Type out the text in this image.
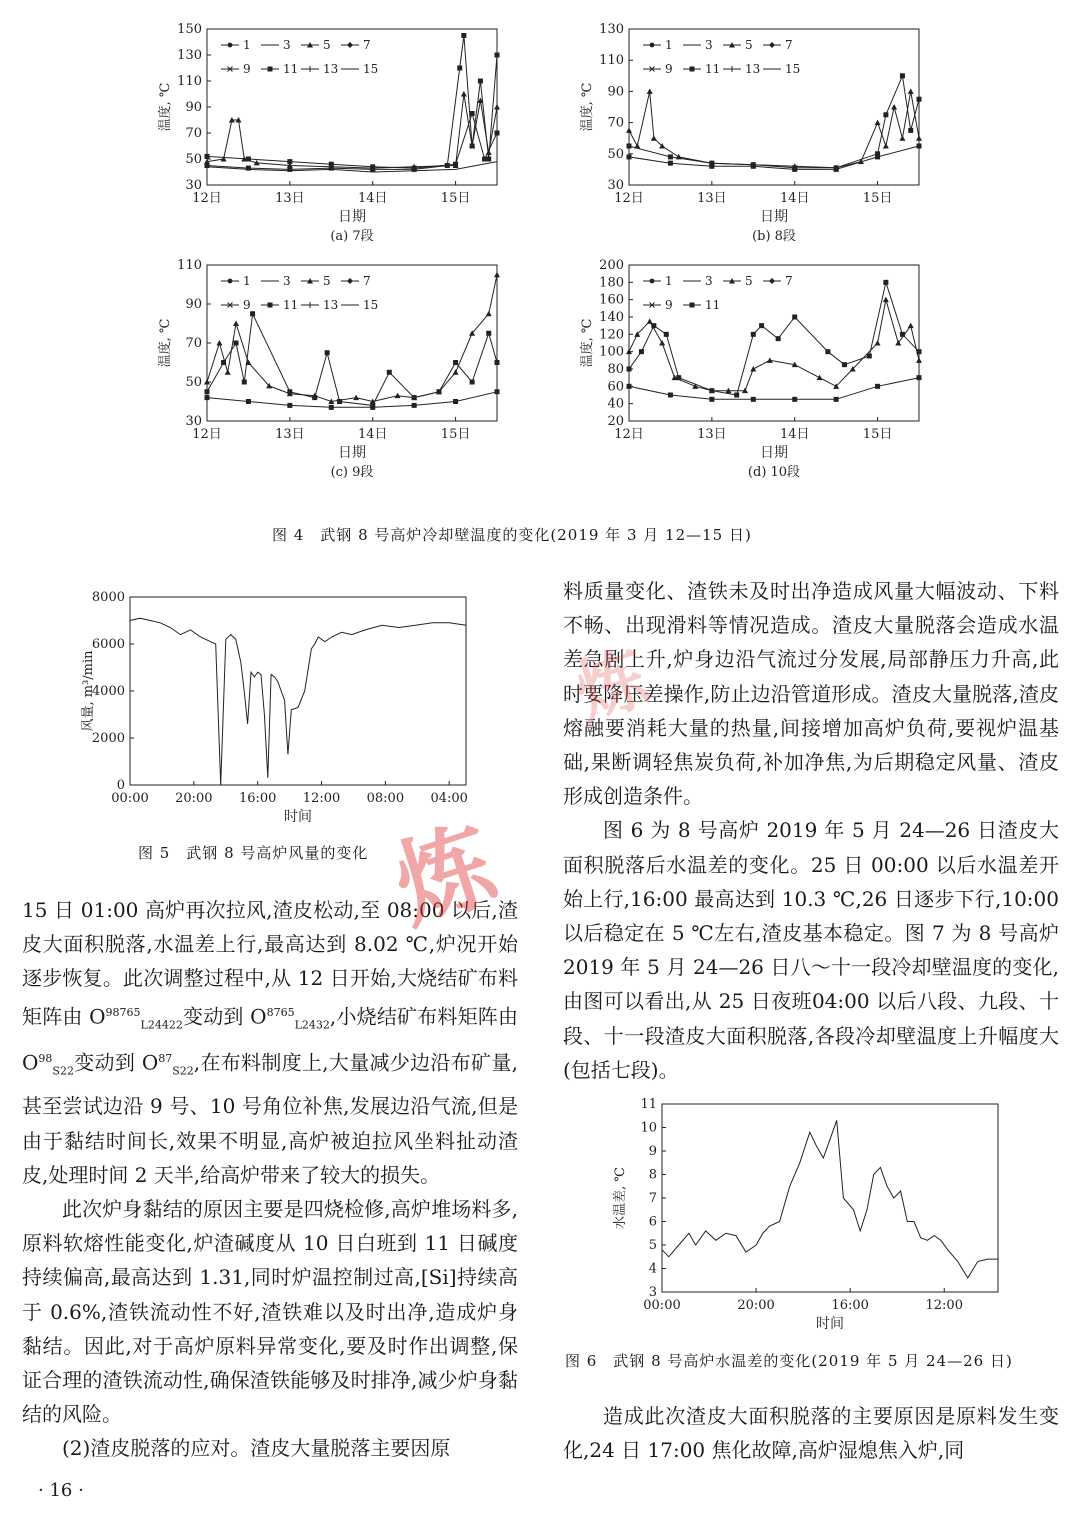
30
50
70
90
110
130
150
12日	13日	14日	15日
日期
温度, ℃
(a) 7段
1	3	5	7
9	11 13 15
30
50
70
90
110
130
12日	13日	14日	15日
日期
温度, ℃
(b) 8段
1	3	5	7
9	11 13 15
30
50
70
90
110
12日	13日	14日	15日
日期
温度, ℃
(c) 9段
1	3	5	7
9	11 13 15
20
40
60
80
100
120
140
160
180
200
12日	13日	14日	15日
日期
温度, ℃
(d) 10段
1	3	5	7
9	11
图 4　武钢 8 号高炉冷却壁温度的变化(2019 年 3 月 12—15 日)
0
2000
4000
6000
8000
00:00 20:00 16:00 12:00 08:00 04:00
时间
风量, m³/min
图 5　武钢 8 号高炉风量的变化
3
4
5
6
7
8
9
10
11
00:00	20:00	16:00	12:00
时间
水温差, ℃
图 6　武钢 8 号高炉水温差的变化(2019 年 5 月 24—26 日)

15 日 01:00 高炉再次拉风,渣皮松动,至 08:00 以后,渣皮大面积脱落,水温差上行,最高达到 8.02 ℃,炉况开始逐步恢复。此次调整过程中,从 12 日开始,大烧结矿布料矩阵由 $O^{98765}_{L24422}$变动到 $O^{8765}_{L2432}$,小烧结矿布料矩阵由 $O^{98}_{S22}$变动到 $O^{87}_{S22}$,在布料制度上,大量减少边沿布矿量,甚至尝试边沿 9 号、10 号角位补焦,发展边沿气流,但是由于黏结时间长,效果不明显,高炉被迫拉风坐料扯动渣皮,处理时间 2 天半,给高炉带来了较大的损失。

此次炉身黏结的原因主要是四烧检修,高炉堆场料多,原料软熔性能变化,炉渣碱度从 10 日白班到 11 日碱度持续偏高,最高达到 1.31,同时炉温控制过高,[Si]持续高于 0.6%,渣铁流动性不好,渣铁难以及时出净,造成炉身黏结。因此,对于高炉原料异常变化,要及时作出调整,保证合理的渣铁流动性,确保渣铁能够及时排净,减少炉身黏结的风险。

(2)渣皮脱落的应对。渣皮大量脱落主要因原

料质量变化、渣铁未及时出净造成风量大幅波动、下料不畅、出现滑料等情况造成。渣皮大量脱落会造成水温差急剧上升,炉身边沿气流过分发展,局部静压力升高,此时要降压差操作,防止边沿管道形成。渣皮大量脱落,渣皮熔融要消耗大量的热量,间接增加高炉负荷,要视炉温基础,果断调轻焦炭负荷,补加净焦,为后期稳定风量、渣皮形成创造条件。

图 6 为 8 号高炉 2019 年 5 月 24—26 日渣皮大面积脱落后水温差的变化。25 日 00:00 以后水温差开始上行,16:00 最高达到 10.3 ℃,26 日逐步下行,10:00 以后稳定在 5 ℃左右,渣皮基本稳定。图 7 为 8 号高炉 2019 年 5 月 24—26 日八～十一段冷却壁温度的变化,由图可以看出,从 25 日夜班04:00 以后八段、九段、十段、十一段渣皮大面积脱落,各段冷却壁温度上升幅度大(包括七段)。

造成此次渣皮大面积脱落的主要原因是原料发生变化,24 日 17:00 焦化故障,高炉湿熄焦入炉,同

· 16 ·
炼
炼
